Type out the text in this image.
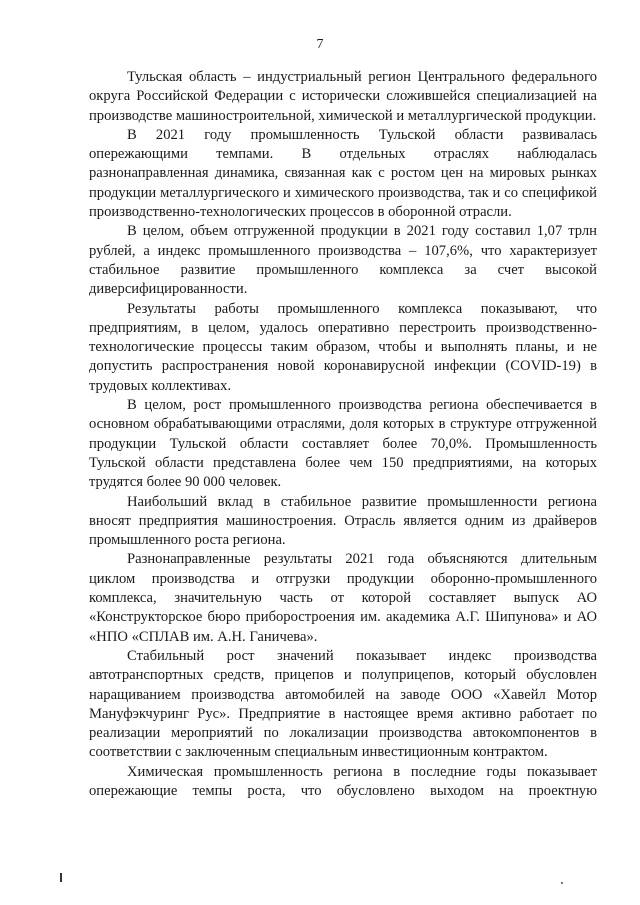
7

Тульская область – индустриальный регион Центрального федерального округа Российской Федерации с исторически сложившейся специализацией на производстве машиностроительной, химической и металлургической продукции.

В 2021 году промышленность Тульской области развивалась опережающими темпами. В отдельных отраслях наблюдалась разнонаправленная динамика, связанная как с ростом цен на мировых рынках продукции металлургического и химического производства, так и со спецификой производственно-технологических процессов в оборонной отрасли.

В целом, объем отгруженной продукции в 2021 году составил 1,07 трлн рублей, а индекс промышленного производства – 107,6%, что характеризует стабильное развитие промышленного комплекса за счет высокой диверсифицированности.

Результаты работы промышленного комплекса показывают, что предприятиям, в целом, удалось оперативно перестроить производственно-технологические процессы таким образом, чтобы и выполнять планы, и не допустить распространения новой коронавирусной инфекции (COVID-19) в трудовых коллективах.

В целом, рост промышленного производства региона обеспечивается в основном обрабатывающими отраслями, доля которых в структуре отгруженной продукции Тульской области составляет более 70,0%. Промышленность Тульской области представлена более чем 150 предприятиями, на которых трудятся более 90 000 человек.

Наибольший вклад в стабильное развитие промышленности региона вносят предприятия машиностроения. Отрасль является одним из драйверов промышленного роста региона.

Разнонаправленные результаты 2021 года объясняются длительным циклом производства и отгрузки продукции оборонно-промышленного комплекса, значительную часть от которой составляет выпуск АО «Конструкторское бюро приборостроения им. академика А.Г. Шипунова» и АО «НПО «СПЛАВ им. А.Н. Ганичева».

Стабильный рост значений показывает индекс производства автотранспортных средств, прицепов и полуприцепов, который обусловлен наращиванием производства автомобилей на заводе ООО «Хавейл Мотор Мануфэкчуринг Рус». Предприятие в настоящее время активно работает по реализации мероприятий по локализации производства автокомпонентов в соответствии с заключенным специальным инвестиционным контрактом.

Химическая промышленность региона в последние годы показывает опережающие темпы роста, что обусловлено выходом на проектную
